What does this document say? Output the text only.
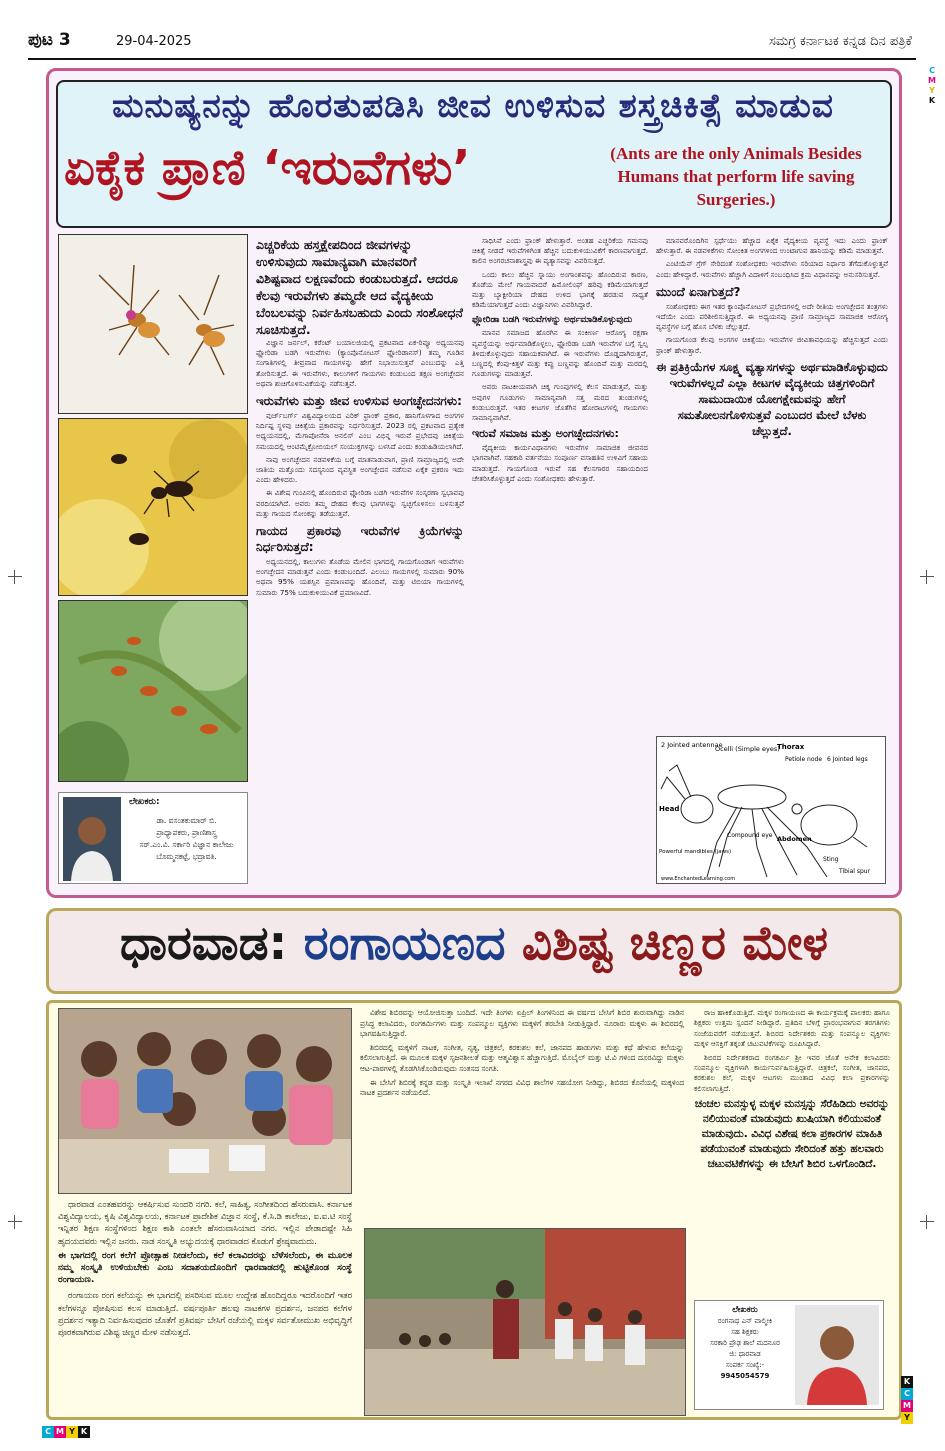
ಪುಟ 3	29-04-2025	ಸಮಗ್ರ ಕರ್ನಾಟಕ ಕನ್ನಡ ದಿನ ಪತ್ರಿಕೆ
C
M
Y
K
ಮನುಷ್ಯನನ್ನು ಹೊರತುಪಡಿಸಿ ಜೀವ ಉಳಿಸುವ ಶಸ್ತ್ರಚಿಕಿತ್ಸೆ ಮಾಡುವ
ಏಕೈಕ ಪ್ರಾಣಿ ‘ಇರುವೆಗಳು’	(Ants are the only Animals Besides Humans that perform life saving Surgeries.)
ಲೇಖಕರು:
ಡಾ. ವಸಂತಕುಮಾರ್ ಬಿ.
ಪ್ರಾಧ್ಯಾಪಕರು, ಪ್ರಾಣಿಶಾಸ್ತ್ರ
ಸರ್.ಎಂ.ವಿ. ಸರ್ಕಾರಿ ವಿಜ್ಞಾನ ಕಾಲೇಜು
ಬೊಮ್ಮನಕಟ್ಟೆ, ಭದ್ರಾವತಿ.
ಎಚ್ಚರಿಕೆಯ ಹಸ್ತಕ್ಷೇಪದಿಂದ ಜೀವಗಳನ್ನು ಉಳಿಸುವುದು ಸಾಮಾನ್ಯವಾಗಿ ಮಾನವರಿಗೆ ವಿಶಿಷ್ಟವಾದ ಲಕ್ಷಣವೆಂದು ಕಂಡುಬರುತ್ತದೆ. ಆದರೂ ಕೆಲವು ಇರುವೆಗಳು ತಮ್ಮದೇ ಆದ ವೈದ್ಯಕೀಯ ಬೆಂಬಲವನ್ನು ನಿರ್ವಹಿಸಬಹುದು ಎಂದು ಸಂಶೋಧನೆ ಸೂಚಿಸುತ್ತದೆ.

ವಿಜ್ಞಾನ ಜರ್ನಲ್, ಕರೆಂಟ್ ಬಯಾಲಜಿಯಲ್ಲಿ ಪ್ರಕಟವಾದ ಏಕ-ರಿವ್ಯೂ ಅಧ್ಯಯನವು ಫ್ಲೋರಿಡಾ ಬಡಗಿ ಇರುವೆಗಳು (ಕ್ಯಾಂಪೊನೋಟಸ್ ಫ್ಲೋರಿಡಾನಸ್) ತಮ್ಮ ಗೂಡಿನ ಸಂಗಾತಿಗಳಲ್ಲಿ ತೀವ್ರವಾದ ಗಾಯಗಳನ್ನು ಹೇಗೆ ನಿಭಾಯಿಸುತ್ತವೆ ಎಂಬುದನ್ನು ಎತ್ತಿ ತೋರಿಸುತ್ತದೆ. ಈ ಇರುವೆಗಳು, ಕಾಲುಗಳಿಗೆ ಗಾಯಗಳು ಕಂಡುಬಂದ ತಕ್ಷಣ ಅಂಗಚ್ಛೇದನ ಅಥವಾ ಶುಚಿಗೊಳಿಸುವಿಕೆಯನ್ನು ನಡೆಸುತ್ತವೆ.

ಇರುವೆಗಳು ಮತ್ತು ಜೀವ ಉಳಿಸುವ ಅಂಗಚ್ಛೇದನಗಳು:

ವುರ್ಜ್‌ಬರ್ಗ್ ವಿಶ್ವವಿದ್ಯಾಲಯದ ಎರಿಕ್ ಫ್ರಾಂಕ್ ಪ್ರಕಾರ, ಹಾನಿಗೊಳಗಾದ ಅಂಗಗಳ ನಿರ್ದಿಷ್ಟ ಸ್ಥಳವು ಚಿಕಿತ್ಸೆಯ ಪ್ರಕಾರವನ್ನು ನಿರ್ಧರಿಸುತ್ತದೆ. 2023 ರಲ್ಲಿ ಪ್ರಕಟವಾದ ಪ್ರತ್ಯೇಕ ಅಧ್ಯಯನದಲ್ಲಿ, ಮೆಗಾಪೋನೆರಾ ಅನಲಿಸ್ ಎಂಬ ವಿಭಿನ್ನ ಇರುವೆ ಪ್ರಭೇದವು ಚಿಕಿತ್ಸೆಯ ಸಮಯದಲ್ಲಿ ಆಂಟಿಮೈಕ್ರೋಬಿಯಲ್ ಸಂಯುಕ್ತಗಳನ್ನು ಬಳಸಿದೆ ಎಂದು ಕಂಡುಹಿಡಿಯಲಾಗಿದೆ.

ನಾವು ಅಂಗಚ್ಛೇದನ ನಡವಳಿಕೆಯ ಬಗ್ಗೆ ಮಾತನಾಡುವಾಗ, ಪ್ರಾಣಿ ಸಾಮ್ರಾಜ್ಯದಲ್ಲಿ ಅದೇ ಜಾತಿಯ ಮತ್ತೊಂದು ಸದಸ್ಯನಿಂದ ವ್ಯವಸ್ಥಿತ ಅಂಗಚ್ಛೇದನ ನಡೆಸುವ ಏಕೈಕ ಪ್ರಕರಣ ಇದು ಎಂದು ಹೇಳಿದರು.

ಈ ವಿಶೇಷ ಗುಂಪಿನಲ್ಲಿ ಹೊಂದಿರುವ ಫ್ಲೋರಿಡಾ ಬಡಗಿ ಇರುವೆಗಳ ಸಂಸ್ಕರಣಾ ಸ್ವಭಾವವು ವರದಿಯಾಗಿದೆ. ಅವರು ತಮ್ಮ ದೇಹದ ಕೆಲವು ಭಾಗಗಳನ್ನು ಸ್ವಚ್ಛಗೊಳಿಸಲು ಬಳಸುತ್ತವೆ ಮತ್ತು ಗಾಯದ ಸೋಂಕನ್ನು ತಡೆಯುತ್ತವೆ.

ಗಾಯದ ಪ್ರಕಾರವು ಇರುವೆಗಳ ಕ್ರಿಯೆಗಳನ್ನು ನಿರ್ಧರಿಸುತ್ತದೆ:

ಅಧ್ಯಯನದಲ್ಲಿ, ಕಾಲುಗಳು ತೊಡೆಯ ಮೇಲಿನ ಭಾಗದಲ್ಲಿ ಗಾಯಗೊಂಡಾಗ ಇರುವೆಗಳು ಅಂಗಚ್ಛೇದನ ಮಾಡುತ್ತವೆ ಎಂದು ಕಂಡುಬಂದಿದೆ. ಎಲುಬು ಗಾಯಗಳಲ್ಲಿ ಸುಮಾರು 90% ಅಥವಾ 95% ಯಶಸ್ಸಿನ ಪ್ರಮಾಣವನ್ನು ಹೊಂದಿವೆ, ಮತ್ತು ಟಿಬಿಯಾ ಗಾಯಗಳಲ್ಲಿ ಸುಮಾರು 75% ಬದುಕುಳಿಯುವಿಕೆ ಪ್ರಮಾಣವಿದೆ.

ಸಾಧಿಸಿವೆ ಎಂದು ಫ್ರಾಂಕ್ ಹೇಳುತ್ತಾರೆ. ಅಂತಹ ಎಚ್ಚರಿಕೆಯ ಗಮನವು ಚಿಕಿತ್ಸೆ ನೀಡದೆ ಇರುವೆಗಳಿಗಿಂತ ಹೆಚ್ಚಿನ ಬದುಕುಳಿಯುವಿಕೆಗೆ ಕಾರಣವಾಗುತ್ತದೆ. ಕಾಲಿನ ಅಂಗರಚನಾಶಾಸ್ತ್ರವು ಈ ವ್ಯತ್ಯಾಸವನ್ನು ವಿವರಿಸುತ್ತದೆ.

ಒಂದು ಕಾಲು ಹೆಚ್ಚಿನ ಸ್ನಾಯು ಅಂಗಾಂಶವನ್ನು ಹೊಂದಿರುವ ಕಾರಣ, ತೊಡೆಯ ಮೇಲೆ ಗಾಯವಾದರೆ ಹಿಮೋಲಿಂಫ್ ಹರಿವು ಕಡಿಮೆಯಾಗುತ್ತದೆ ಮತ್ತು ಬ್ಯಾಕ್ಟೀರಿಯಾ ದೇಹದ ಉಳಿದ ಭಾಗಕ್ಕೆ ಹರಡುವ ಸಾಧ್ಯತೆ ಕಡಿಮೆಯಾಗುತ್ತದೆ ಎಂದು ವಿಜ್ಞಾನಿಗಳು ವಿವರಿಸಿದ್ದಾರೆ.

ಫ್ಲೋರಿಡಾ ಬಡಗಿ ಇರುವೆಗಳನ್ನು ಅರ್ಥಮಾಡಿಕೊಳ್ಳುವುದು

ಮಾನವ ಸಮಾಜದ ಹೊರಗಿನ ಈ ಸಂಕೀರ್ಣ ಆರೋಗ್ಯ ರಕ್ಷಣಾ ವ್ಯವಸ್ಥೆಯನ್ನು ಅರ್ಥಮಾಡಿಕೊಳ್ಳಲು, ಫ್ಲೋರಿಡಾ ಬಡಗಿ ಇರುವೆಗಳ ಬಗ್ಗೆ ಸ್ವಲ್ಪ ತಿಳಿದುಕೊಳ್ಳುವುದು ಸಹಾಯಕವಾಗಿದೆ. ಈ ಇರುವೆಗಳು ದೊಡ್ಡದಾಗಿರುತ್ತವೆ, ಬಣ್ಣದಲ್ಲಿ ಕೆಂಪು-ಕಿತ್ತಳೆ ಮತ್ತು ಕಪ್ಪು ಬಣ್ಣವನ್ನು ಹೊಂದಿವೆ ಮತ್ತು ಮರದಲ್ಲಿ ಗೂಡುಗಳನ್ನು ಮಾಡುತ್ತವೆ.

ಅವರು ನಾಟಕೀಯವಾಗಿ ಚಿಕ್ಕ ಗುಂಪುಗಳಲ್ಲಿ ಕೆಲಸ ಮಾಡುತ್ತವೆ, ಮತ್ತು ಅವುಗಳ ಗೂಡುಗಳು ಸಾಮಾನ್ಯವಾಗಿ ಸತ್ತ ಮರದ ತುಂಡುಗಳಲ್ಲಿ ಕಂಡುಬರುತ್ತವೆ. ಇತರ ಕೀಟಗಳ ಜೊತೆಗಿನ ಹೋರಾಟಗಳಲ್ಲಿ ಗಾಯಗಳು ಸಾಮಾನ್ಯವಾಗಿವೆ.

ಇರುವೆ ಸಮಾಜ ಮತ್ತು ಅಂಗಚ್ಛೇದನಗಳು:

ವೈದ್ಯಕೀಯ ಕಾರ್ಯವಿಧಾನಗಳು ಇರುವೆಗಳ ಸಾಮಾಜಿಕ ಜೀವನದ ಭಾಗವಾಗಿವೆ. ಸಹಕಾರಿ ವರ್ತನೆಯು ಸಂಪೂರ್ಣ ವಸಾಹತಿನ ಉಳಿವಿಗೆ ಸಹಾಯ ಮಾಡುತ್ತದೆ. ಗಾಯಗೊಂಡ ಇರುವೆ ಸಹ ಕೆಲಸಗಾರರ ಸಹಾಯದಿಂದ ಚೇತರಿಸಿಕೊಳ್ಳುತ್ತದೆ ಎಂದು ಸಂಶೋಧಕರು ಹೇಳುತ್ತಾರೆ.

ಮಾನವರೊಂದಿಗಿನ ಸ್ಪರ್ಧೆಯು ಹೆಚ್ಚಾದ ಏಕೈಕ ವೈದ್ಯಕೀಯ ವ್ಯವಸ್ಥೆ ಇದು ಎಂದು ಫ್ರಾಂಕ್ ಹೇಳುತ್ತಾರೆ. ಈ ನಡವಳಿಕೆಗಳು ಸೋಂಕಿತ ಅಂಗಗಳಿಂದ ಉಂಟಾಗುವ ಹಾನಿಯನ್ನು ಕಡಿಮೆ ಮಾಡುತ್ತವೆ.

ಎಂಟಿಯೆನ್ ಗ್ರೆಗ್ ಸೇರಿದಂತೆ ಸಂಶೋಧಕರು ಇರುವೆಗಳು ಸರಿಯಾದ ನಿರ್ಧಾರ ತೆಗೆದುಕೊಳ್ಳುತ್ತವೆ ಎಂದು ಹೇಳಿದ್ದಾರೆ. ಇರುವೆಗಳು ಹೆಚ್ಚಾಗಿ ವಿದಾಳಿಗೆ ಸಂಬಂಧಿಸಿದ ಕ್ರಮ ವಿಧಾನವನ್ನು ಅನುಸರಿಸುತ್ತವೆ.

ಮುಂದೆ ಏನಾಗುತ್ತದೆ?

ಸಂಶೋಧಕರು ಈಗ ಇತರ ಕ್ಯಾಂಪೊನೋಟಸ್ ಪ್ರಭೇದಗಳಲ್ಲಿ ಅದೇ ರೀತಿಯ ಅಂಗಚ್ಛೇದನ ತಂತ್ರಗಳು ಇದೆಯೇ ಎಂದು ಪರಿಶೀಲಿಸುತ್ತಿದ್ದಾರೆ. ಈ ಅಧ್ಯಯನವು ಪ್ರಾಣಿ ಸಾಮ್ರಾಜ್ಯದ ಸಾಮಾಜಿಕ ಆರೋಗ್ಯ ವ್ಯವಸ್ಥೆಗಳ ಬಗ್ಗೆ ಹೊಸ ಬೆಳಕು ಚೆಲ್ಲುತ್ತದೆ.

ಗಾಯಗೊಂಡ ಕೆಲವು ಅಂಗಗಳ ಚಿಕಿತ್ಸೆಯು ಇರುವೆಗಳ ಜೀವಿತಾವಧಿಯನ್ನು ಹೆಚ್ಚಿಸುತ್ತದೆ ಎಂದು ಫ್ರಾಂಕ್ ಹೇಳುತ್ತಾರೆ.

ಈ ಪ್ರತಿಕ್ರಿಯೆಗಳ ಸೂಕ್ಷ್ಮ ವ್ಯತ್ಯಾಸಗಳನ್ನು ಅರ್ಥಮಾಡಿಕೊಳ್ಳುವುದು ಇರುವೆಗಳಲ್ಲದೆ ಎಲ್ಲಾ ಕೀಟಗಳ ವೈದ್ಯಕೀಯ ಚಿತ್ತಗಳಿಂದಿಗೆ ಸಾಮುದಾಯಿಕ ಯೋಗಕ್ಷೇಮವನ್ನು ಹೇಗೆ ಸಮತೋಲನಗೊಳಿಸುತ್ತವೆ ಎಂಬುದರ ಮೇಲೆ ಬೆಳಕು ಚೆಲ್ಲುತ್ತದೆ.
2 Jointed antennae
Ocelli (Simple eyes)
Thorax
Petiole node 6 Jointed legs
Head
Compound eye
Powerful mandibles (jaws)
Abdomen
Sting
Tibial spur
www.EnchantedLearning.com
ಧಾರವಾಡ: ರಂಗಾಯಣದ ವಿಶಿಷ್ಟ ಚಿಣ್ಣರ ಮೇಳ

ಧಾರವಾಡ ಎಂತಹವರನ್ನು ಆಕರ್ಷಿಸುವ ಸುಂದರಿ ನಗರಿ. ಕಲೆ, ಸಾಹಿತ್ಯ, ಸಂಗೀತದಿಂದ ಹೆಸರುವಾಸಿ. ಕರ್ನಾಟಕ ವಿಶ್ವವಿದ್ಯಾಲಯ, ಕೃಷಿ ವಿಶ್ವವಿದ್ಯಾಲಯ, ಕರ್ನಾಟಕ ಪ್ರಾದೇಶಿಕ ವಿಜ್ಞಾನ ಸಂಸ್ಥೆ, ಕೆ.ಸಿ.ಡಿ ಕಾಲೇಜು, ಐ.ಐ.ಟಿ ಸಂಸ್ಥೆ ಇನ್ನಿತರ ಶಿಕ್ಷಣ ಸಂಸ್ಥೆಗಳಿಂದ ಶಿಕ್ಷಣ ಕಾಶಿ ಎಂತಲೇ ಹೆಸರುವಾಸಿಯಾದ ನಗರ. ಇಲ್ಲಿನ ಪೇಡಾದಷ್ಟೇ ಸಿಹಿ ಹೃದಯದವರು ಇಲ್ಲಿನ ಜನರು. ನಾಡ ಸಂಸ್ಕೃತಿ ಅಭ್ಯುದಯಕ್ಕೆ ಧಾರವಾಡದ ಕೊಡುಗೆ ಶ್ರೇಷ್ಠವಾದುದು.

ಈ ಭಾಗದಲ್ಲಿ ರಂಗ ಕಲೆಗೆ ಪ್ರೋತ್ಸಾಹ ನೀಡಲೆಂದು, ಕಲೆ ಕಲಾವಿದರನ್ನು ಬೆಳೆಸಲೆಂದು, ಈ ಮೂಲಕ ನಮ್ಮ ಸಂಸ್ಕೃತಿ ಉಳಿಯಬೇಕು ಎಂಬ ಸದಾಶಯದೊಂದಿಗೆ ಧಾರವಾಡದಲ್ಲಿ ಹುಟ್ಟಿಕೊಂಡ ಸಂಸ್ಥೆ ರಂಗಾಯಣ.

ರಂಗಾಯಣ ರಂಗ ಕಲೆಯನ್ನು ಈ ಭಾಗದಲ್ಲಿ ಪಸರಿಸುವ ಮೂಲ ಉದ್ದೇಶ ಹೊಂದಿದ್ದರೂ ಇದರೊಂದಿಗೆ ಇತರ ಕಲೆಗಳನ್ನೂ ಪೋಷಿಸುವ ಕಲಸ ಮಾಡುತ್ತಿದೆ. ವರ್ಷಪೂರ್ತಿ ಹಲವು ನಾಟಕಗಳ ಪ್ರದರ್ಶನ, ಜನಪದ ಕಲೆಗಳ ಪ್ರದರ್ಶನ ಇತ್ಯಾದಿ ನಿರ್ವಹಿಸುವುದರ ಜೊತೆಗೆ ಪ್ರತಿವರ್ಷ ಬೇಸಿಗೆ ರಜೆಯಲ್ಲಿ ಮಕ್ಕಳ ಸರ್ವತೋಮುಖ ಅಭಿವೃದ್ಧಿಗೆ ಪೂರಕವಾಗಿರುವ ವಿಶಿಷ್ಟ ಚಿಣ್ಣರ ಮೇಳ ನಡೆಸುತ್ತದೆ.

ವಿಶೇಷ ಶಿಬಿರವನ್ನು ಆಯೋಜಿಸುತ್ತಾ ಬಂದಿದೆ. ಇದೇ ತಿಂಗಳು ಏಪ್ರಿಲ್ ತಿಂಗಳಿನಿಂದ ಈ ವರ್ಷದ ಬೇಸಿಗೆ ಶಿಬಿರ ಶುರುವಾಗಿದ್ದು ನಾಡಿನ ಪ್ರಸಿದ್ಧ ಕಲಾವಿದರು, ರಂಗಕರ್ಮಿಗಳು ಮತ್ತು ಸಂಪನ್ಮೂಲ ವ್ಯಕ್ತಿಗಳು ಮಕ್ಕಳಿಗೆ ತರಬೇತಿ ನೀಡುತ್ತಿದ್ದಾರೆ. ನೂರಾರು ಮಕ್ಕಳು ಈ ಶಿಬಿರದಲ್ಲಿ ಭಾಗವಹಿಸುತ್ತಿದ್ದಾರೆ.

ಶಿಬಿರದಲ್ಲಿ ಮಕ್ಕಳಿಗೆ ನಾಟಕ, ಸಂಗೀತ, ನೃತ್ಯ, ಚಿತ್ರಕಲೆ, ಕರಕುಶಲ ಕಲೆ, ಜಾನಪದ ಹಾಡುಗಳು ಮತ್ತು ಕಥೆ ಹೇಳುವ ಕಲೆಯನ್ನು ಕಲಿಸಲಾಗುತ್ತಿದೆ. ಈ ಮೂಲಕ ಮಕ್ಕಳ ಸೃಜನಶೀಲತೆ ಮತ್ತು ಆತ್ಮವಿಶ್ವಾಸ ಹೆಚ್ಚಾಗುತ್ತಿದೆ. ಮೊಬೈಲ್ ಮತ್ತು ಟಿ.ವಿ ಗಳಿಂದ ದೂರವಿದ್ದು ಮಕ್ಕಳು ಆಟ-ಪಾಠಗಳಲ್ಲಿ ತೊಡಗಿಸಿಕೊಂಡಿರುವುದು ಸಂತಸದ ಸಂಗತಿ.

ಈ ಬೇಸಿಗೆ ಶಿಬಿರಕ್ಕೆ ಕನ್ನಡ ಮತ್ತು ಸಂಸ್ಕೃತಿ ಇಲಾಖೆ ನಗರದ ವಿವಿಧ ಶಾಲೆಗಳ ಸಹಯೋಗ ನೀಡಿದ್ದು, ಶಿಬಿರದ ಕೊನೆಯಲ್ಲಿ ಮಕ್ಕಳಿಂದ ನಾಟಕ ಪ್ರದರ್ಶನ ನಡೆಯಲಿದೆ.

ರಾಜ ಹಾಕಿಕೊಡುತ್ತಿದೆ. ಮಕ್ಕಳ ರಂಗಾಯಣದ ಈ ಕಾರ್ಯಕ್ರಮಕ್ಕೆ ಪಾಲಕರು ಹಾಗೂ ಶಿಕ್ಷಕರು ಉತ್ತಮ ಸ್ಪಂದನೆ ನೀಡಿದ್ದಾರೆ. ಪ್ರತಿದಿನ ಬೆಳಿಗ್ಗೆ ಪ್ರಾರಂಭವಾಗುವ ತರಗತಿಗಳು ಸಂಜೆಯವರೆಗೆ ನಡೆಯುತ್ತವೆ. ಶಿಬಿರದ ನಿರ್ದೇಶಕರು ಮತ್ತು ಸಂಪನ್ಮೂಲ ವ್ಯಕ್ತಿಗಳು ಮಕ್ಕಳ ಆಸಕ್ತಿಗೆ ತಕ್ಕಂತೆ ಚಟುವಟಿಕೆಗಳನ್ನು ರೂಪಿಸಿದ್ದಾರೆ.

ಶಿಬಿರದ ನಿರ್ದೇಶಕರಾದ ರಂಗಕರ್ಮಿ ಶ್ರೀ ಇವರ ಜೊತೆ ಅನೇಕ ಕಲಾವಿದರು ಸಂಪನ್ಮೂಲ ವ್ಯಕ್ತಿಗಳಾಗಿ ಕಾರ್ಯನಿರ್ವಹಿಸುತ್ತಿದ್ದಾರೆ. ಚಿತ್ರಕಲೆ, ಸಂಗೀತ, ಜಾನಪದ, ಕರಕುಶಲ ಕಲೆ, ಮಕ್ಕಳ ಆಟಗಳು ಮುಂತಾದ ವಿವಿಧ ಕಲಾ ಪ್ರಕಾರಗಳನ್ನು ಕಲಿಸಲಾಗುತ್ತಿದೆ.

ಚಂಚಲ ಮನಸ್ಸುಳ್ಳ ಮಕ್ಕಳ ಮನಸ್ಸನ್ನು ಸೆರೆಹಿಡಿದು ಅವರನ್ನು ನಲಿಯುವಂತೆ ಮಾಡುವುದು ಖುಷಿಯಾಗಿ ಕಲಿಯುವಂತೆ ಮಾಡುವುದು. ವಿವಿಧ ವಿಶೇಷ ಕಲಾ ಪ್ರಕಾರಗಳ ಮಾಹಿತಿ ಪಡೆಯುವಂತೆ ಮಾಡುವುದು ಸೇರಿದಂತೆ ಹತ್ತು ಹಲವಾರು ಚಟುವಟಿಕೆಗಳನ್ನು ಈ ಬೇಸಿಗೆ ಶಿಬಿರ ಒಳಗೊಂಡಿದೆ.
ಲೇಖಕರು
ರಂಗನಾಥ ಎನ್ ವಾಲ್ಮೀಕಿ
ಸಹ ಶಿಕ್ಷಕರು
ಸರಕಾರಿ ಪ್ರೌಢ ಶಾಲೆ ಮದನೂರ
ಜಿ: ಧಾರವಾಡ
ಸಂಪರ್ಕ ಸಂಖ್ಯೆ:-
9945054579
C M Y K
K
C
M
Y
